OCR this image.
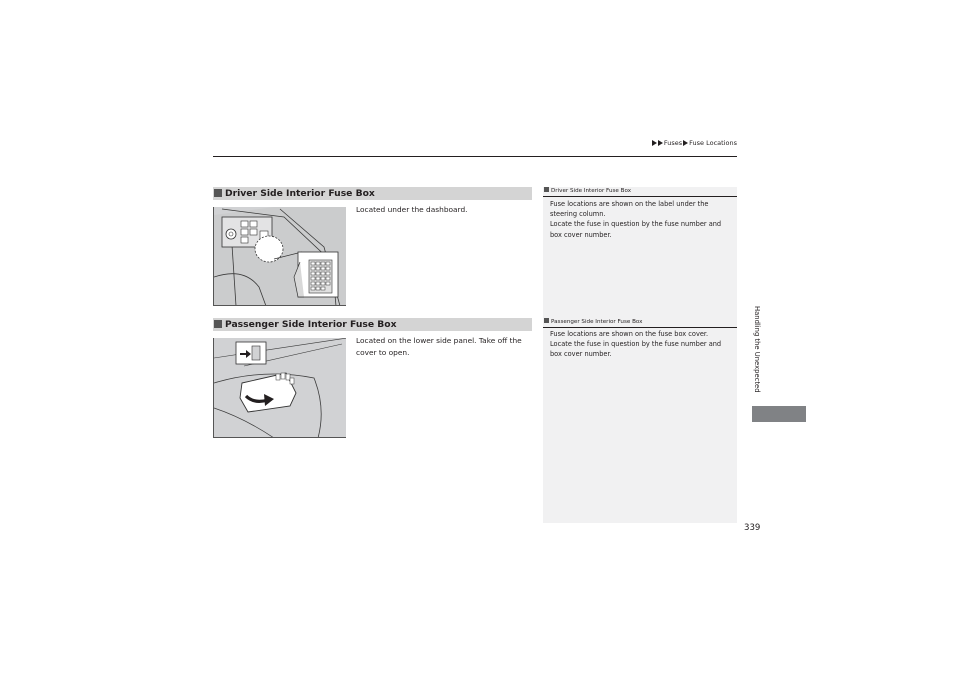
Fuses Fuse Locations
Driver Side Interior Fuse Box
Located under the dashboard.
Passenger Side Interior Fuse Box
Located on the lower side panel. Take off the cover to open.
Driver Side Interior Fuse Box
Fuse locations are shown on the label under the steering column.
Locate the fuse in question by the fuse number and box cover number.
Passenger Side Interior Fuse Box
Fuse locations are shown on the fuse box cover.
Locate the fuse in question by the fuse number and box cover number.	Handling the Unexpected
339
